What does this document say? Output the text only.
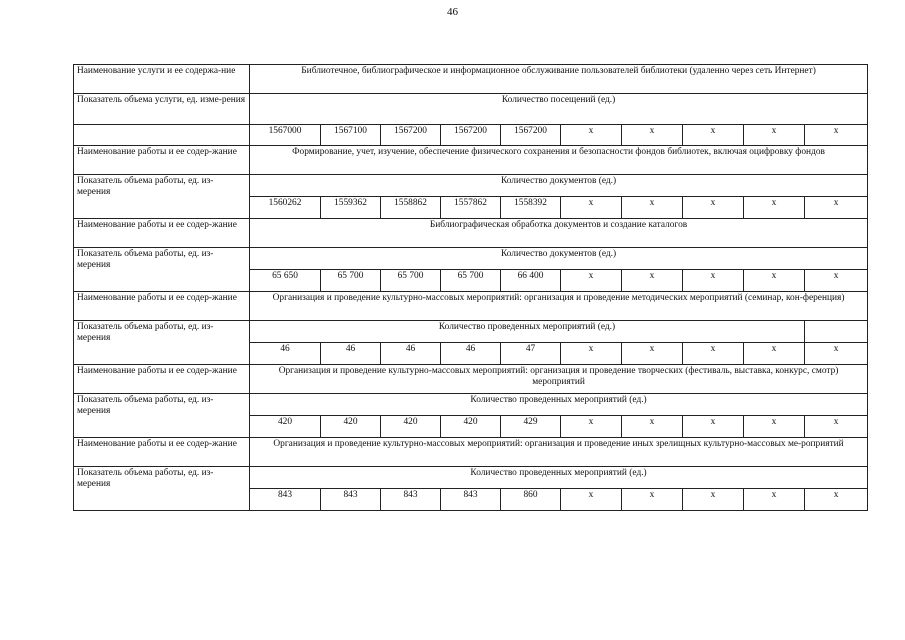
46
Наименование услуги и ее содержа-ние	Библиотечное, библиографическое и информационное обслуживание пользователей библиотеки (удаленно через сеть Интернет)									
Показатель объема услуги, ед. изме-рения	Количество посещений (ед.)									
	1567000	1567100	1567200	1567200	1567200	х	х	х	х	х
Наименование работы и ее содер-жание	Формирование, учет, изучение, обеспечение физического сохранения и безопасности фондов библиотек, включая оцифровку фондов									
Показатель объема работы, ед. из-мерения	Количество документов (ед.)									
	1560262	1559362	1558862	1557862	1558392	х	х	х	х	х
Наименование работы и ее содер-жание	Библиографическая обработка документов и создание каталогов									
Показатель объема работы, ед. из-мерения	Количество документов (ед.)									
	65 650	65 700	65 700	65 700	66 400	х	х	х	х	х
Наименование работы и ее содер-жание	Организация и проведение культурно-массовых мероприятий: организация и проведение методических мероприятий (семинар, кон-ференция)									
Показатель объема работы, ед. из-мерения	Количество проведенных мероприятий (ед.)									
	46	46	46	46	47	х	х	х	х	х
Наименование работы и ее содер-жание	Организация и проведение культурно-массовых мероприятий: организация и проведение творческих (фестиваль, выставка, конкурс, смотр) мероприятий									
Показатель объема работы, ед. из-мерения	Количество проведенных мероприятий (ед.)									
	420	420	420	420	429	х	х	х	х	х
Наименование работы и ее содер-жание	Организация и проведение культурно-массовых мероприятий: организация и проведение иных зрелищных культурно-массовых ме-роприятий									
Показатель объема работы, ед. из-мерения	Количество проведенных мероприятий (ед.)									
	843	843	843	843	860	х	х	х	х	х
